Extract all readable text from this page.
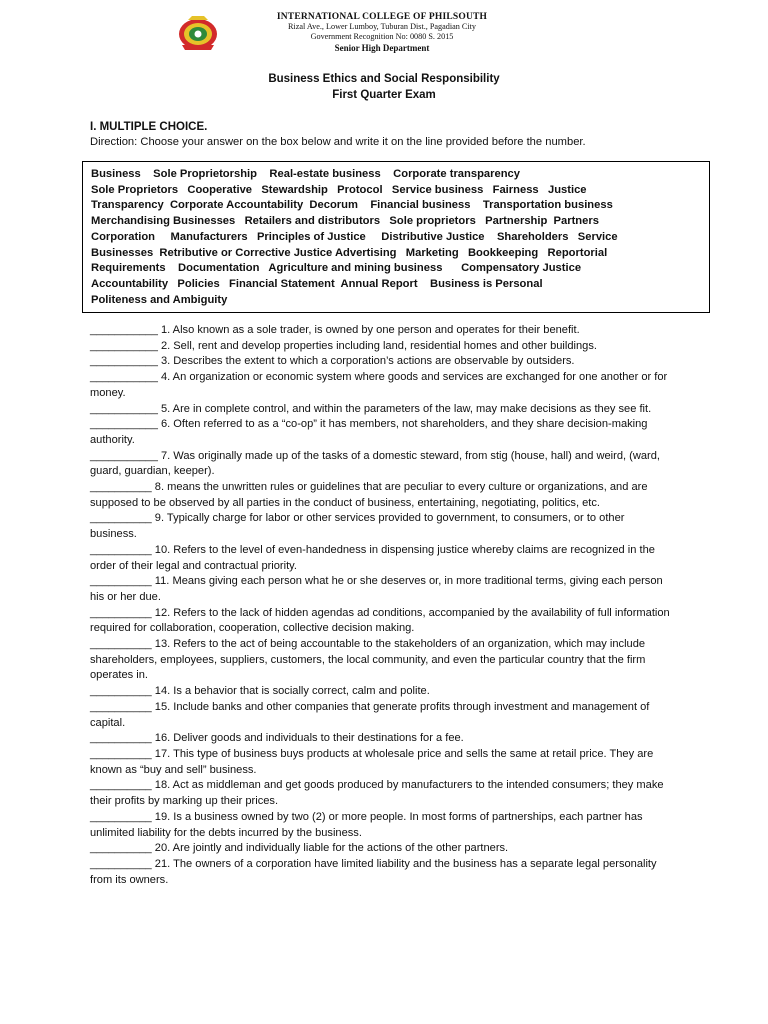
INTERNATIONAL COLLEGE OF PHILSOUTH
Rizal Ave., Lower Lumboy, Tuburan Dist., Pagadian City
Government Recognition No: 0080 S. 2015
Senior High Department
Business Ethics and Social Responsibility
First Quarter Exam
I. MULTIPLE CHOICE.
Direction: Choose your answer on the box below and write it on the line provided before the number.
Business    Sole Proprietorship    Real-estate business    Corporate transparency
Sole Proprietors   Cooperative   Stewardship   Protocol   Service business   Fairness   Justice
Transparency  Corporate Accountability  Decorum    Financial business    Transportation business
Merchandising Businesses   Retailers and distributors   Sole proprietors   Partnership  Partners
Corporation     Manufacturers   Principles of Justice     Distributive Justice    Shareholders   Service
Businesses  Retributive or Corrective Justice Advertising   Marketing   Bookkeeping   Reportorial
Requirements    Documentation   Agriculture and mining business      Compensatory Justice
Accountability   Policies   Financial Statement  Annual Report    Business is Personal
Politeness and Ambiguity

___________ 1. Also known as a sole trader, is owned by one person and operates for their benefit.

___________ 2. Sell, rent and develop properties including land, residential homes and other buildings.

___________ 3. Describes the extent to which a corporation’s actions are observable by outsiders.

___________ 4. An organization or economic system where goods and services are exchanged for one another or for money.

___________ 5. Are in complete control, and within the parameters of the law, may make decisions as they see fit.

___________ 6. Often referred to as a “co-op” it has members, not shareholders, and they share decision-making authority.

___________ 7. Was originally made up of the tasks of a domestic steward, from stig (house, hall) and weird, (ward, guard, guardian, keeper).

__________ 8. means the unwritten rules or guidelines that are peculiar to every culture or organizations, and are supposed to be observed by all parties in the conduct of business, entertaining, negotiating, politics, etc.

__________ 9. Typically charge for labor or other services provided to government, to consumers, or to other business.

__________ 10. Refers to the level of even-handedness in dispensing justice whereby claims are recognized in the order of their legal and contractual priority.

__________ 11. Means giving each person what he or she deserves or, in more traditional terms, giving each person his or her due.

__________ 12. Refers to the lack of hidden agendas ad conditions, accompanied by the availability of full information required for collaboration, cooperation, collective decision making.

__________ 13. Refers to the act of being accountable to the stakeholders of an organization, which may include shareholders, employees, suppliers, customers, the local community, and even the particular country that the firm operates in.

__________ 14. Is a behavior that is socially correct, calm and polite.

__________ 15. Include banks and other companies that generate profits through investment and management of capital.

__________ 16. Deliver goods and individuals to their destinations for a fee.

__________ 17. This type of business buys products at wholesale price and sells the same at retail price. They are known as “buy and sell” business.

__________ 18. Act as middleman and get goods produced by manufacturers to the intended consumers; they make their profits by marking up their prices.

__________ 19. Is a business owned by two (2) or more people. In most forms of partnerships, each partner has unlimited liability for the debts incurred by the business.

__________ 20. Are jointly and individually liable for the actions of the other partners.

__________ 21. The owners of a corporation have limited liability and the business has a separate legal personality from its owners.
